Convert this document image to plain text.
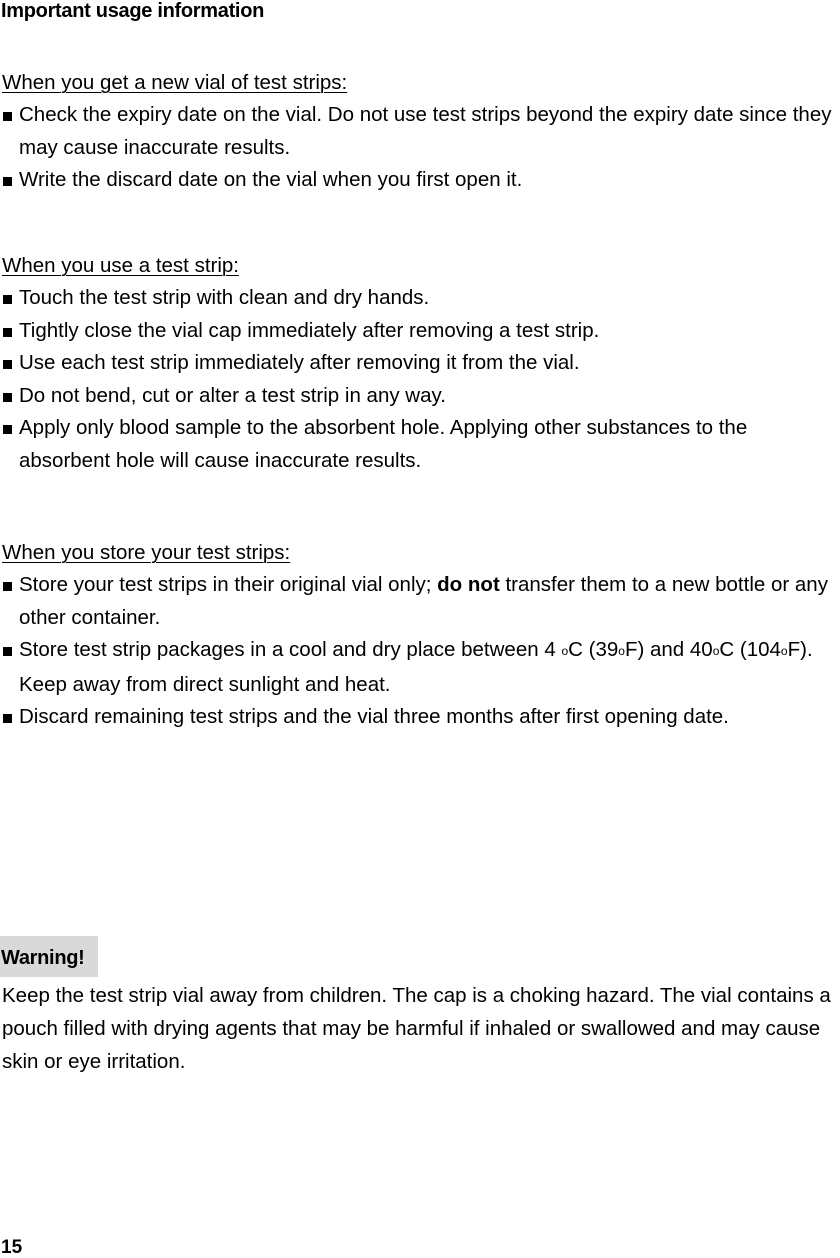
Important usage information
When you get a new vial of test strips:
Check the expiry date on the vial. Do not use test strips beyond the expiry date since they may cause inaccurate results.
Write the discard date on the vial when you first open it.
When you use a test strip:
Touch the test strip with clean and dry hands.
Tightly close the vial cap immediately after removing a test strip.
Use each test strip immediately after removing it from the vial.
Do not bend, cut or alter a test strip in any way.
Apply only blood sample to the absorbent hole. Applying other substances to the absorbent hole will cause inaccurate results.
When you store your test strips:
Store your test strips in their original vial only; do not transfer them to a new bottle or any other container.
Store test strip packages in a cool and dry place between 4 oC (39oF) and 40oC (104oF). Keep away from direct sunlight and heat.
Discard remaining test strips and the vial three months after first opening date.
Warning!
Keep the test strip vial away from children. The cap is a choking hazard. The vial contains a pouch filled with drying agents that may be harmful if inhaled or swallowed and may cause skin or eye irritation.
15
